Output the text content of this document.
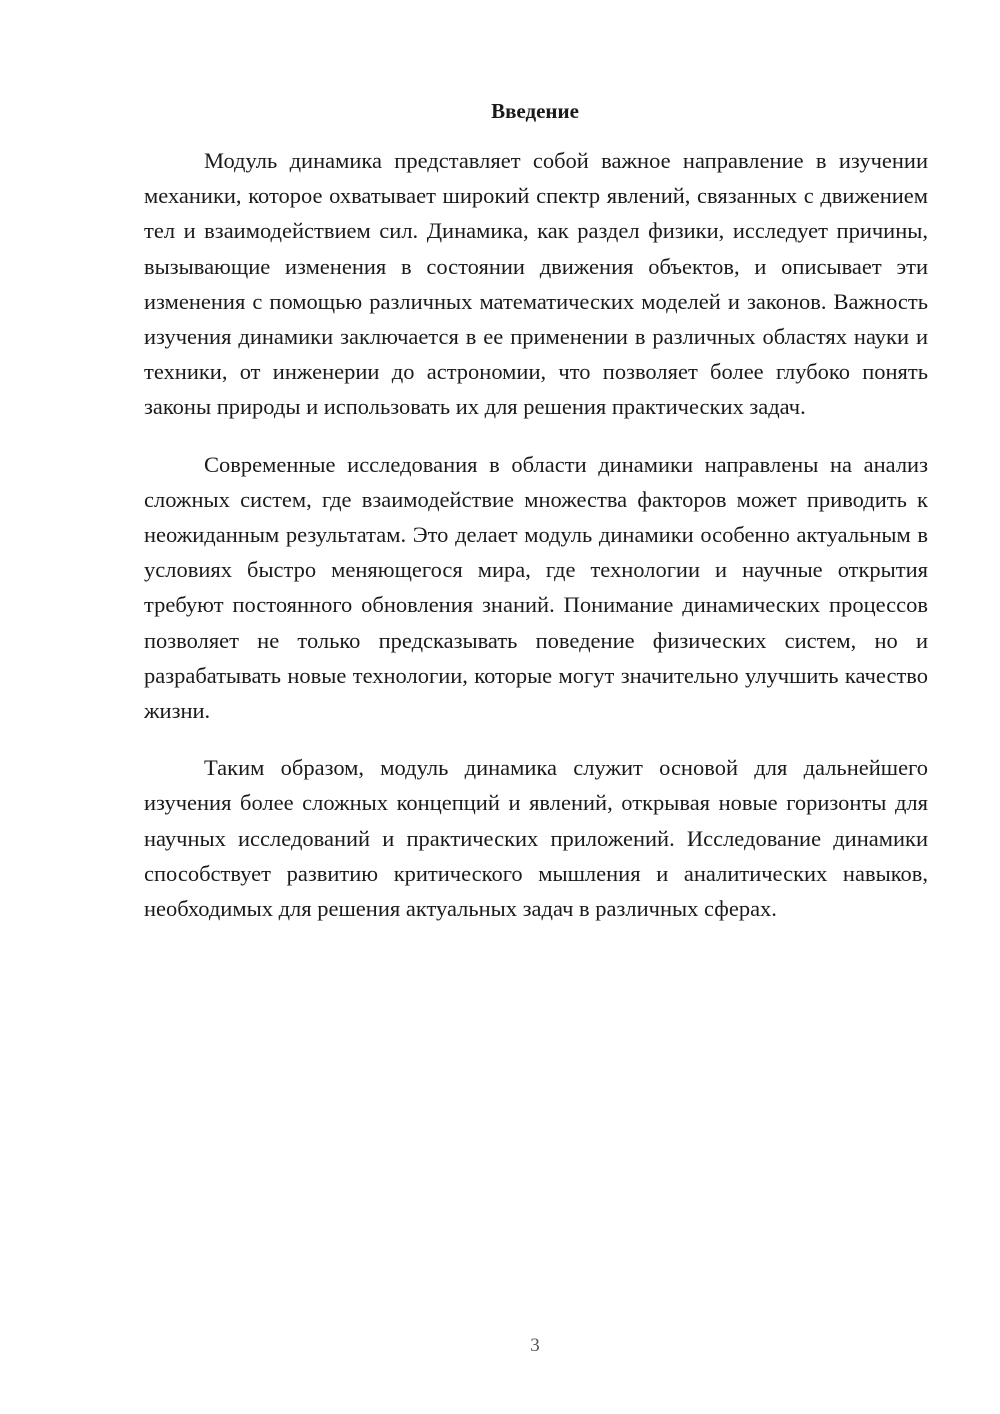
Введение

Модуль динамика представляет собой важное направление в изучении механики, которое охватывает широкий спектр явлений, связанных с движением тел и взаимодействием сил. Динамика, как раздел физики, исследует причины, вызывающие изменения в состоянии движения объектов, и описывает эти изменения с помощью различных математических моделей и законов. Важность изучения динамики заключается в ее применении в различных областях науки и техники, от инженерии до астрономии, что позволяет более глубоко понять законы природы и использовать их для решения практических задач.

Современные исследования в области динамики направлены на анализ сложных систем, где взаимодействие множества факторов может приводить к неожиданным результатам. Это делает модуль динамики особенно актуальным в условиях быстро меняющегося мира, где технологии и научные открытия требуют постоянного обновления знаний. Понимание динамических процессов позволяет не только предсказывать поведение физических систем, но и разрабатывать новые технологии, которые могут значительно улучшить качество жизни.

Таким образом, модуль динамика служит основой для дальнейшего изучения более сложных концепций и явлений, открывая новые горизонты для научных исследований и практических приложений. Исследование динамики способствует развитию критического мышления и аналитических навыков, необходимых для решения актуальных задач в различных сферах.

3
